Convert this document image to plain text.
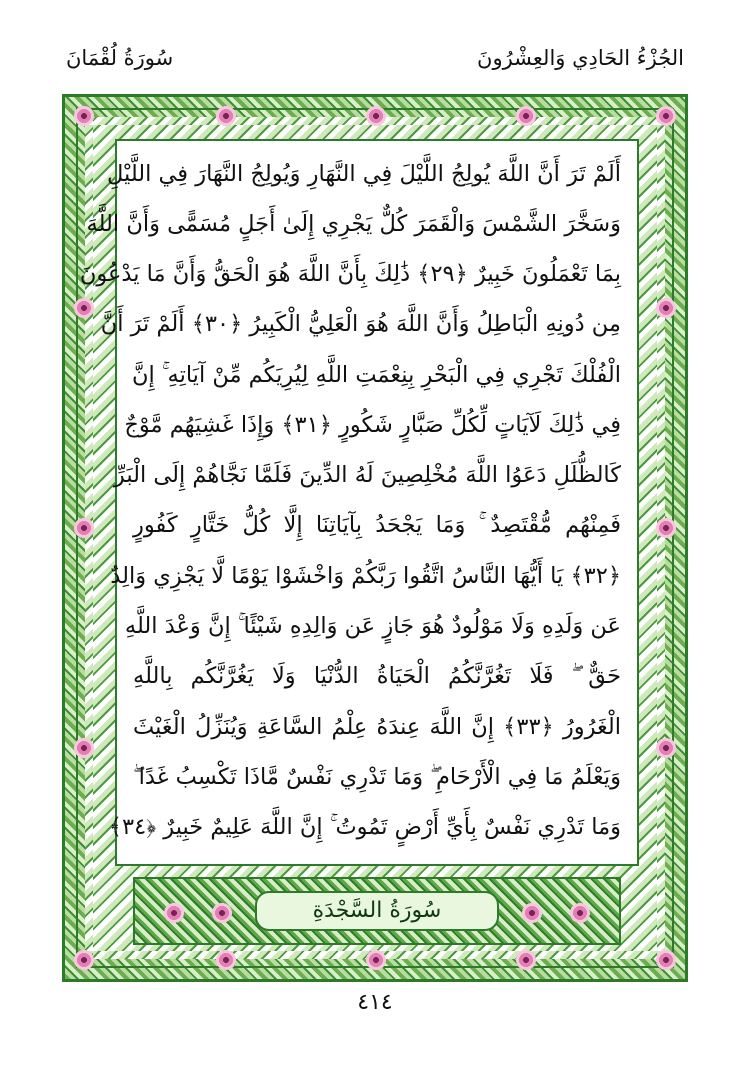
الجُزْءُ الحَادِي وَالعِشْرُونَ
سُورَةُ لُقْمَانَ
أَلَمْ تَرَ أَنَّ اللَّهَ يُولِجُ اللَّيْلَ فِي النَّهَارِ وَيُولِجُ النَّهَارَ فِي اللَّيْلِ
وَسَخَّرَ الشَّمْسَ وَالْقَمَرَ كُلٌّ يَجْرِي إِلَىٰ أَجَلٍ مُسَمًّى وَأَنَّ اللَّهَ
بِمَا تَعْمَلُونَ خَبِيرٌ ﴿٢٩﴾ ذَٰلِكَ بِأَنَّ اللَّهَ هُوَ الْحَقُّ وَأَنَّ مَا يَدْعُونَ
مِن دُونِهِ الْبَاطِلُ وَأَنَّ اللَّهَ هُوَ الْعَلِيُّ الْكَبِيرُ ﴿٣٠﴾ أَلَمْ تَرَ أَنَّ
الْفُلْكَ تَجْرِي فِي الْبَحْرِ بِنِعْمَتِ اللَّهِ لِيُرِيَكُم مِّنْ آيَاتِهِ ۚ إِنَّ
فِي ذَٰلِكَ لَآيَاتٍ لِّكُلِّ صَبَّارٍ شَكُورٍ ﴿٣١﴾ وَإِذَا غَشِيَهُم مَّوْجٌ
كَالظُّلَلِ دَعَوُا اللَّهَ مُخْلِصِينَ لَهُ الدِّينَ فَلَمَّا نَجَّاهُمْ إِلَى الْبَرِّ
فَمِنْهُم مُّقْتَصِدٌ ۚ وَمَا يَجْحَدُ بِآيَاتِنَا إِلَّا كُلُّ خَتَّارٍ كَفُورٍ
﴿٣٢﴾ يَا أَيُّهَا النَّاسُ اتَّقُوا رَبَّكُمْ وَاخْشَوْا يَوْمًا لَّا يَجْزِي وَالِدٌ
عَن وَلَدِهِ وَلَا مَوْلُودٌ هُوَ جَازٍ عَن وَالِدِهِ شَيْئًا ۚ إِنَّ وَعْدَ اللَّهِ
حَقٌّ ۖ فَلَا تَغُرَّنَّكُمُ الْحَيَاةُ الدُّنْيَا وَلَا يَغُرَّنَّكُم بِاللَّهِ
الْغَرُورُ ﴿٣٣﴾ إِنَّ اللَّهَ عِندَهُ عِلْمُ السَّاعَةِ وَيُنَزِّلُ الْغَيْثَ
وَيَعْلَمُ مَا فِي الْأَرْحَامِ ۖ وَمَا تَدْرِي نَفْسٌ مَّاذَا تَكْسِبُ غَدًا ۖ
وَمَا تَدْرِي نَفْسٌ بِأَيِّ أَرْضٍ تَمُوتُ ۚ إِنَّ اللَّهَ عَلِيمٌ خَبِيرٌ ﴿٣٤﴾
سُورَةُ السَّجْدَةِ
٤١٤
